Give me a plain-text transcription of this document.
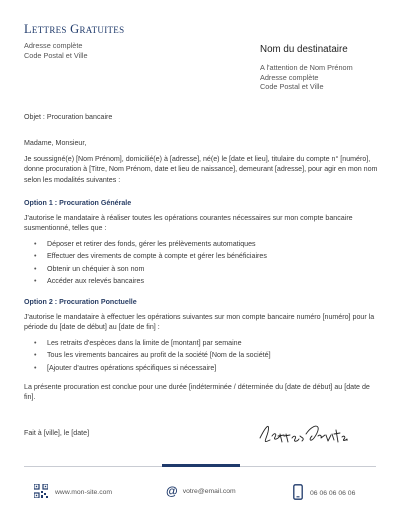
Lettres Gratuites
Adresse complète
Code Postal et Ville
Nom du destinataire
A l'attention de Nom Prénom
Adresse complète
Code Postal et Ville
Objet : Procuration bancaire
Madame, Monsieur,
Je soussigné(e) [Nom Prénom], domicilié(e) à [adresse], né(e) le [date et lieu], titulaire du compte n° [numéro], donne procuration à [Titre, Nom Prénom, date et lieu de naissance], demeurant [adresse], pour agir en mon nom selon les modalités suivantes :
Option 1 : Procuration Générale
J'autorise le mandataire à réaliser toutes les opérations courantes nécessaires sur mon compte bancaire susmentionné, telles que :
• Déposer et retirer des fonds, gérer les prélèvements automatiques
• Effectuer des virements de compte à compte et gérer les bénéficiaires
• Obtenir un chéquier à son nom
• Accéder aux relevés bancaires
Option 2 : Procuration Ponctuelle
J'autorise le mandataire à effectuer les opérations suivantes sur mon compte bancaire numéro [numéro] pour la période du [date de début] au [date de fin] :
• Les retraits d'espèces dans la limite de [montant] par semaine
• Tous les virements bancaires au profit de la société [Nom de la société]
• [Ajouter d'autres opérations spécifiques si nécessaire]
La présente procuration est conclue pour une durée [indéterminée / déterminée du [date de début] au [date de fin].
Fait à [ville], le [date]
www.mon-site.com	@ votre@email.com	06 06 06 06 06
